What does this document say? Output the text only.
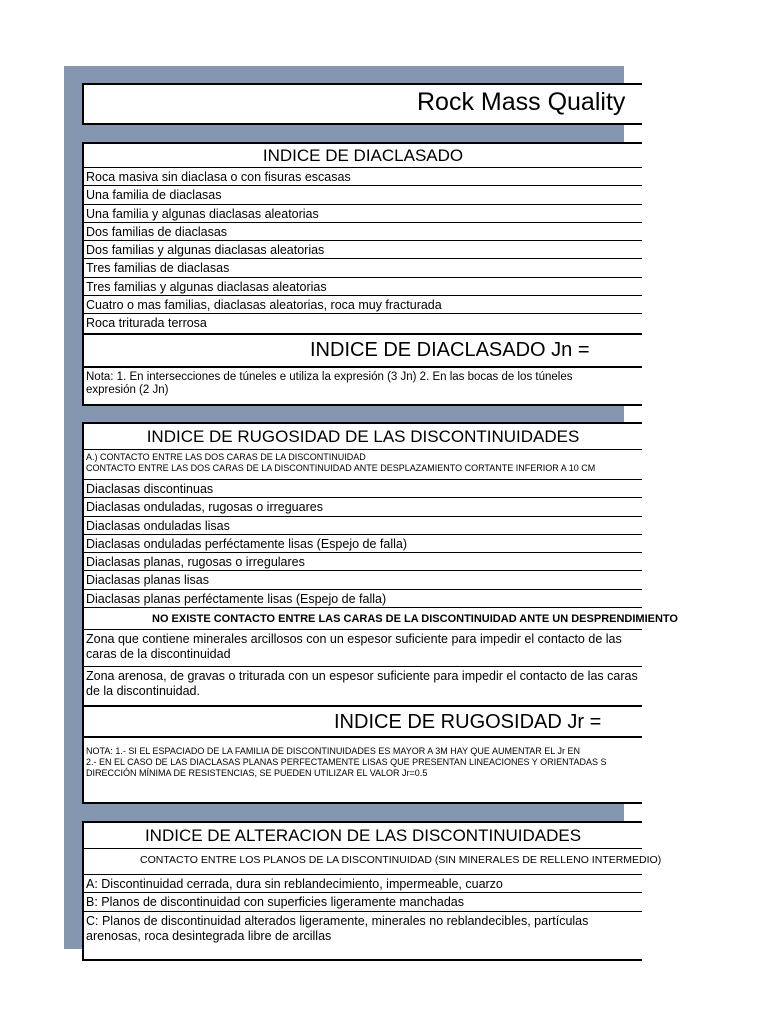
Rock Mass Quality
INDICE DE DIACLASADO
Roca masiva sin diaclasa o con fisuras escasas
Una familia de diaclasas
Una familia y algunas diaclasas aleatorias
Dos familias de diaclasas
Dos familias y algunas diaclasas aleatorias
Tres familias de diaclasas
Tres familias y algunas diaclasas aleatorias
Cuatro o mas familias, diaclasas aleatorias, roca muy fracturada
Roca triturada terrosa
INDICE DE DIACLASADO Jn =
Nota: 1. En intersecciones de túneles e utiliza la expresión (3 Jn) 2. En las bocas de los túneles
expresión (2 Jn)
INDICE DE RUGOSIDAD DE LAS DISCONTINUIDADES
A.) CONTACTO ENTRE LAS DOS CARAS DE LA DISCONTINUIDAD
CONTACTO ENTRE LAS DOS CARAS DE LA DISCONTINUIDAD ANTE DESPLAZAMIENTO CORTANTE INFERIOR A 10 CM
Diaclasas discontinuas
Diaclasas onduladas, rugosas o irreguares
Diaclasas onduladas lisas
Diaclasas onduladas perféctamente lisas (Espejo de falla)
Diaclasas planas, rugosas o irregulares
Diaclasas planas lisas
Diaclasas planas perféctamente lisas (Espejo de falla)
NO EXISTE CONTACTO ENTRE LAS CARAS DE LA DISCONTINUIDAD ANTE UN DESPRENDIMIENTO
Zona que contiene minerales arcillosos con un espesor suficiente para impedir el contacto de las caras de la discontinuidad
Zona arenosa, de gravas o triturada con un espesor suficiente para impedir el contacto de las caras de la discontinuidad.
INDICE DE RUGOSIDAD Jr =
NOTA: 1.- SI EL ESPACIADO DE LA FAMILIA DE DISCONTINUIDADES ES MAYOR A 3M HAY QUE AUMENTAR EL Jr EN
2.- EN EL CASO DE LAS DIACLASAS PLANAS PERFECTAMENTE LISAS QUE PRESENTAN LINEACIONES Y ORIENTADAS S
DIRECCIÓN MÍNIMA DE RESISTENCIAS, SE PUEDEN UTILIZAR EL VALOR Jr=0.5
INDICE DE ALTERACION DE LAS DISCONTINUIDADES
CONTACTO ENTRE LOS PLANOS DE LA DISCONTINUIDAD (SIN MINERALES DE RELLENO INTERMEDIO)
A: Discontinuidad cerrada, dura sin reblandecimiento, impermeable, cuarzo
B: Planos de discontinuidad con superficies ligeramente manchadas
C: Planos de discontinuidad alterados ligeramente, minerales no reblandecibles, partículas arenosas, roca desintegrada libre de arcillas
